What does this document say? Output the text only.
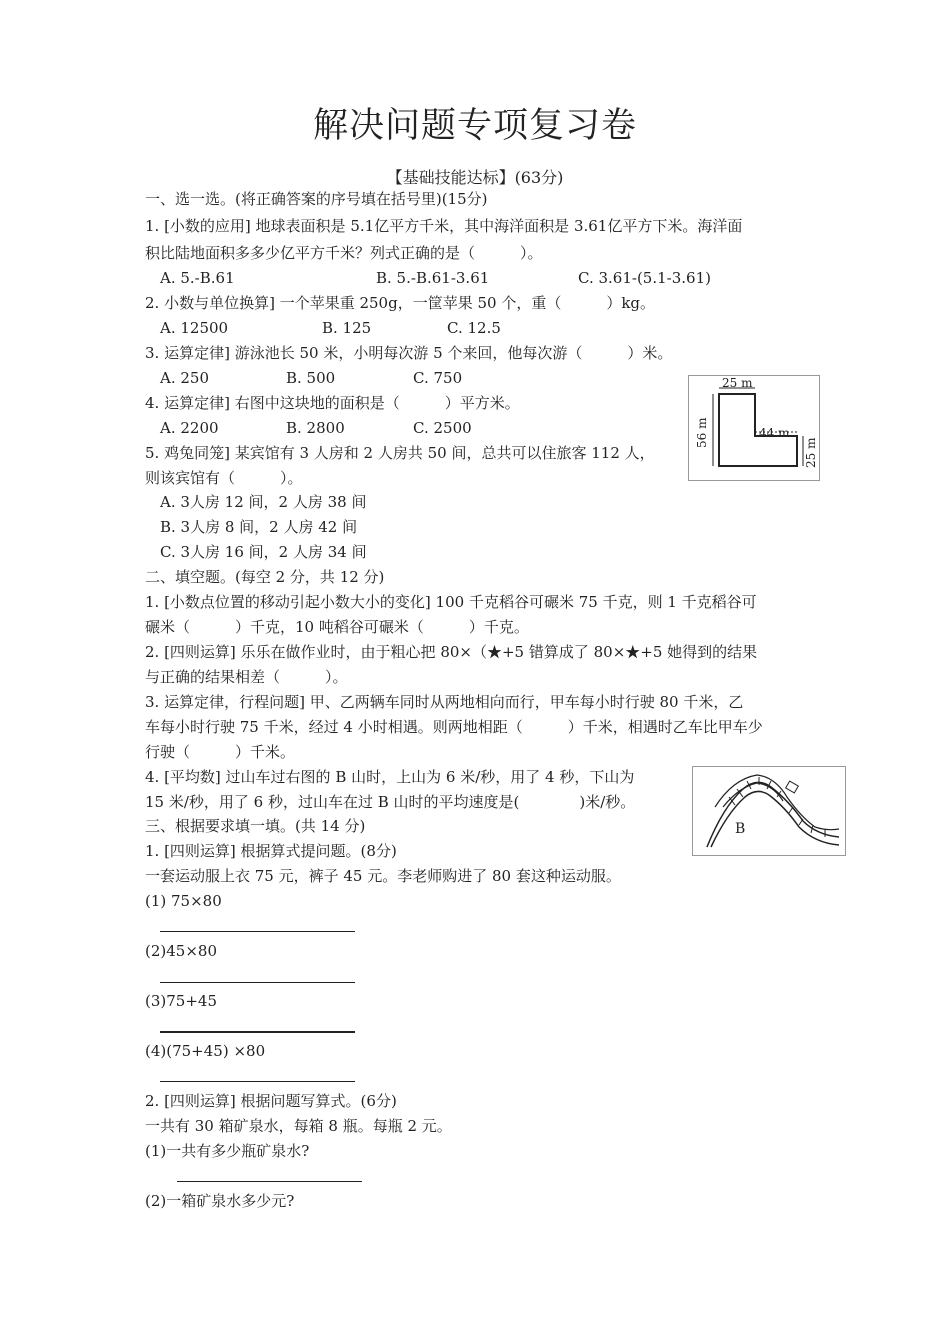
解决问题专项复习卷
【基础技能达标】(63分)
一、选一选。(将正确答案的序号填在括号里)(15分)
1. [小数的应用] 地球表面积是 5.1亿平方千米，其中海洋面积是 3.61亿平方下米。海洋面
积比陆地面积多多少亿平方千米？列式正确的是（　　　）。
A. 5.-B.61	B. 5.-B.61-3.61	C. 3.61-(5.1-3.61)
2. 小数与单位换算] 一个苹果重 250g，一筐苹果 50 个，重（　　　）kg。
A. 12500	B. 125	C. 12.5
3. 运算定律] 游泳池长 50 米，小明每次游 5 个来回，他每次游（　　　）米。
A. 250	B. 500	C. 750
4. 运算定律] 右图中这块地的面积是（　　　）平方米。
A. 2200	B. 2800	C. 2500
5. 鸡兔同笼] 某宾馆有 3 人房和 2 人房共 50 间，总共可以住旅客 112 人，
则该宾馆有（　　　）。
A. 3人房 12 间，2 人房 38 间
B. 3人房 8 间，2 人房 42 间
C. 3人房 16 间，2 人房 34 间
25 m
56 m	44 m
25 m
二、填空题。(每空 2 分，共 12 分)
1. [小数点位置的移动引起小数大小的变化] 100 千克稻谷可碾米 75 千克，则 1 千克稻谷可
碾米（　　　）千克，10 吨稻谷可碾米（　　　）千克。
2. [四则运算] 乐乐在做作业时，由于粗心把 80×（★+5 错算成了 80×★+5 她得到的结果
与正确的结果相差（　　　）。
3. 运算定律，行程问题] 甲、乙两辆车同时从两地相向而行，甲车每小时行驶 80 千米，乙
车每小时行驶 75 千米，经过 4 小时相遇。则两地相距（　　　）千米，相遇时乙车比甲车少
行驶（　　　）千米。
4. [平均数] 过山车过右图的 B 山时，上山为 6 米/秒，用了 4 秒，下山为
15 米/秒，用了 6 秒，过山车在过 B 山时的平均速度是(　　　　)米/秒。
B
三、根据要求填一填。(共 14 分)
1. [四则运算] 根据算式提问题。(8分)
一套运动服上衣 75 元，裤子 45 元。李老师购进了 80 套这种运动服。
(1) 75×80
(2)45×80
(3)75+45
(4)(75+45) ×80
2. [四则运算] 根据问题写算式。(6分)
一共有 30 箱矿泉水，每箱 8 瓶。每瓶 2 元。
(1)一共有多少瓶矿泉水?
(2)一箱矿泉水多少元?
